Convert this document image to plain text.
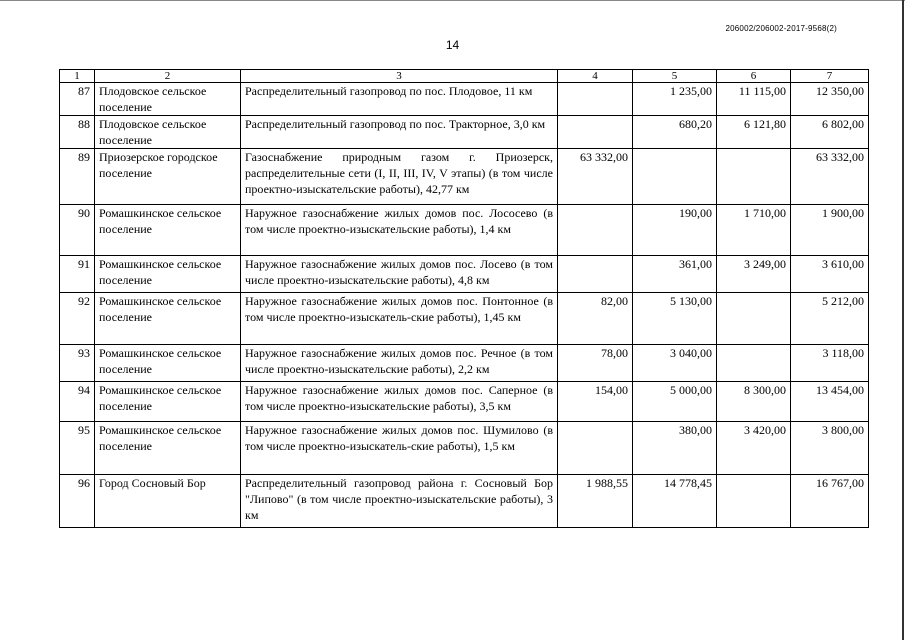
206002/206002-2017-9568(2)
14
1	2	3	4	5	6	7
87	Плодовское сельское поселение	Распределительный газопровод по пос. Плодовое, 11 км		1 235,00	11 115,00	12 350,00
88	Плодовское сельское поселение	Распределительный газопровод по пос. Тракторное, 3,0 км		680,20	6 121,80	6 802,00
89	Приозерское городское поселение	Газоснабжение природным газом г. Приозерск, распределительные сети (I, II, III, IV, V этапы) (в том числе проектно-изыскательские работы), 42,77 км	63 332,00			63 332,00
90	Ромашкинское сельское поселение	Наружное газоснабжение жилых домов пос. Лососево (в том числе проектно-изыскательские работы), 1,4 км		190,00	1 710,00	1 900,00
91	Ромашкинское сельское поселение	Наружное газоснабжение жилых домов пос. Лосево (в том числе проектно-изыскательские работы), 4,8 км		361,00	3 249,00	3 610,00
92	Ромашкинское сельское поселение	Наружное газоснабжение жилых домов пос. Понтонное (в том числе проектно-изыскатель-ские работы), 1,45 км	82,00	5 130,00		5 212,00
93	Ромашкинское сельское поселение	Наружное газоснабжение жилых домов пос. Речное (в том числе проектно-изыскательские работы), 2,2 км	78,00	3 040,00		3 118,00
94	Ромашкинское сельское поселение	Наружное газоснабжение жилых домов пос. Саперное (в том числе проектно-изыскательские работы), 3,5 км	154,00	5 000,00	8 300,00	13 454,00
95	Ромашкинское сельское поселение	Наружное газоснабжение жилых домов пос. Шумилово (в том числе проектно-изыскатель-ские работы), 1,5 км		380,00	3 420,00	3 800,00
96	Город Сосновый Бор	Распределительный газопровод района г. Сосновый Бор "Липово" (в том числе проектно-изыскательские работы), 3 км	1 988,55	14 778,45		16 767,00
